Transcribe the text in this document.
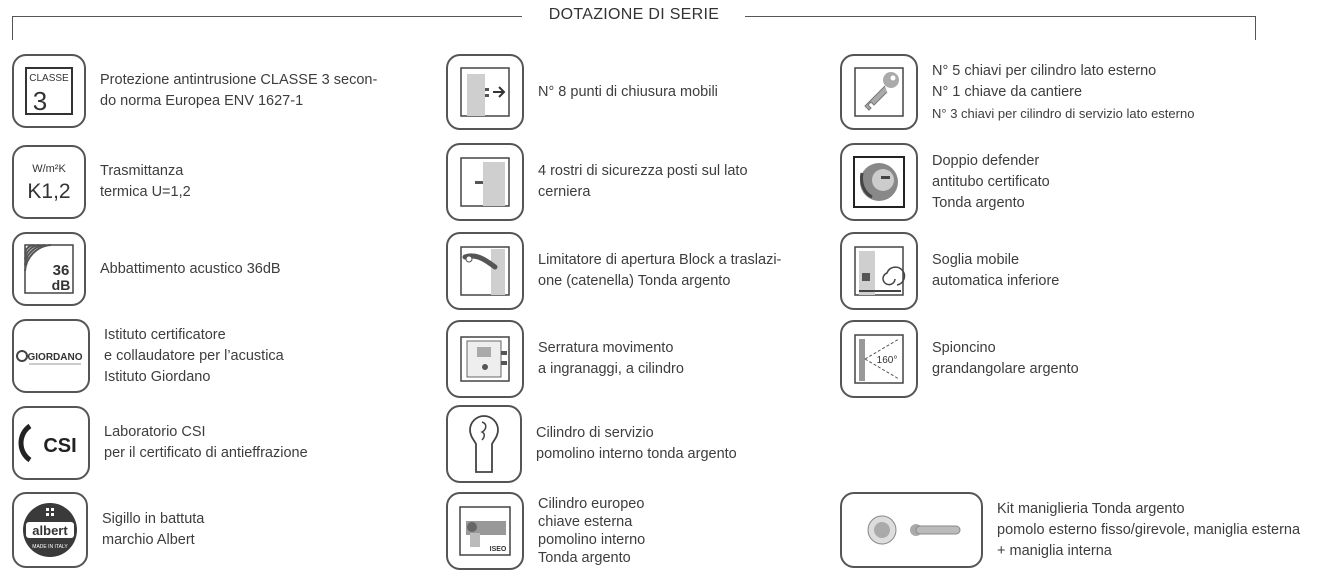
DOTAZIONE DI SERIE
CLASSE
3
Protezione antintrusione CLASSE 3 secon-
do norma Europea ENV 1627-1
W/m²K
K1,2
Trasmittanza
termica U=1,2
36
dB
Abbattimento acustico 36dB
GIORDANO
Istituto certificatore
e collaudatore per l’acustica
Istituto Giordano
CSI
Laboratorio CSI
per il certificato di antieffrazione
albert
MADE IN ITALY
Sigillo in battuta
marchio Albert
N° 8 punti di chiusura mobili
4 rostri di sicurezza posti sul lato
cerniera
Limitatore di apertura Block a traslazi-
one (catenella) Tonda argento
Serratura movimento
a ingranaggi, a cilindro
Cilindro di servizio
pomolino interno tonda argento
ISEO
Cilindro europeo
chiave esterna
pomolino interno
Tonda argento
N° 5 chiavi per cilindro lato esterno
N° 1 chiave da cantiere
N° 3 chiavi per cilindro di servizio lato esterno
Doppio defender
antitubo certificato
Tonda argento
Soglia mobile
automatica inferiore
160°
Spioncino
grandangolare argento
Kit maniglieria Tonda argento
pomolo esterno fisso/girevole, maniglia esterna
+ maniglia interna
